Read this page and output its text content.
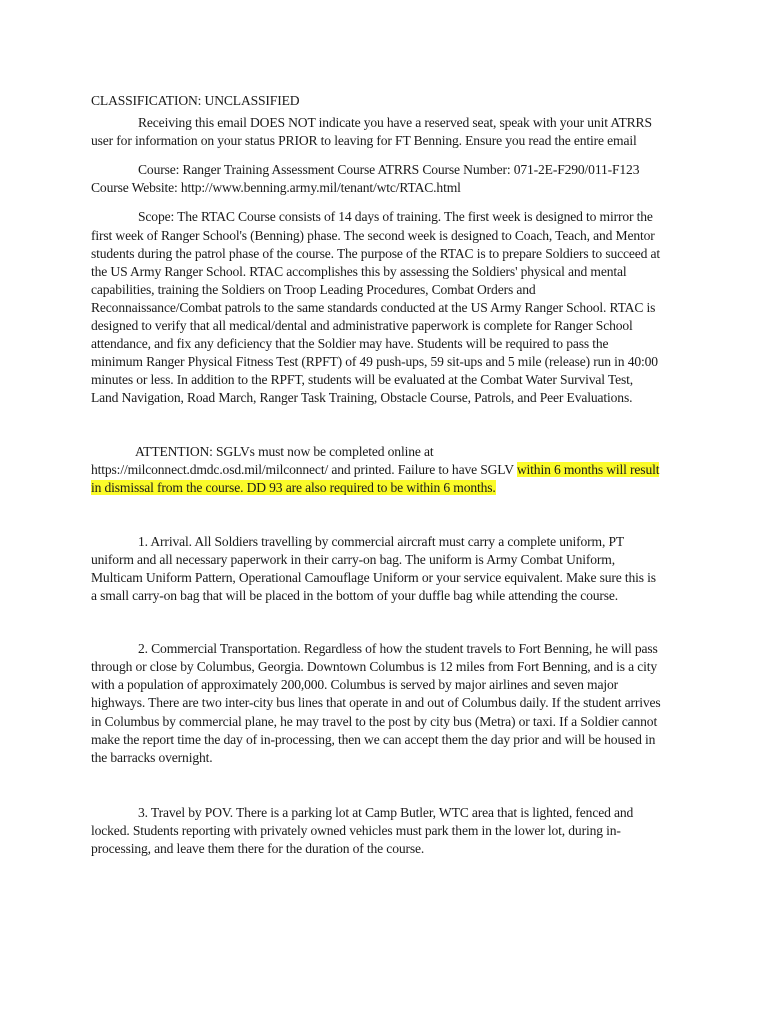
CLASSIFICATION: UNCLASSIFIED

Receiving this email DOES NOT indicate you have a reserved seat, speak with your unit ATRRS user for information on your status PRIOR to leaving for FT Benning. Ensure you read the entire email

Course: Ranger Training Assessment Course ATRRS Course Number: 071-2E-F290/011-F123

Course Website: http://www.benning.army.mil/tenant/wtc/RTAC.html

Scope: The RTAC Course consists of 14 days of training. The first week is designed to mirror the first week of Ranger School's (Benning) phase. The second week is designed to Coach, Teach, and Mentor students during the patrol phase of the course. The purpose of the RTAC is to prepare Soldiers to succeed at the US Army Ranger School. RTAC accomplishes this by assessing the Soldiers' physical and mental capabilities, training the Soldiers on Troop Leading Procedures, Combat Orders and Reconnaissance/Combat patrols to the same standards conducted at the US Army Ranger School. RTAC is designed to verify that all medical/dental and administrative paperwork is complete for Ranger School attendance, and fix any deficiency that the Soldier may have. Students will be required to pass the minimum Ranger Physical Fitness Test (RPFT) of 49 push-ups, 59 sit-ups and 5 mile (release) run in 40:00 minutes or less. In addition to the RPFT, students will be evaluated at the Combat Water Survival Test, Land Navigation, Road March, Ranger Task Training, Obstacle Course, Patrols, and Peer Evaluations.

ATTENTION: SGLVs must now be completed online at https://milconnect.dmdc.osd.mil/milconnect/ and printed. Failure to have SGLV within 6 months will result in dismissal from the course. DD 93 are also required to be within 6 months.

1. Arrival. All Soldiers travelling by commercial aircraft must carry a complete uniform, PT uniform and all necessary paperwork in their carry-on bag. The uniform is Army Combat Uniform, Multicam Uniform Pattern, Operational Camouflage Uniform or your service equivalent. Make sure this is a small carry-on bag that will be placed in the bottom of your duffle bag while attending the course.

2. Commercial Transportation. Regardless of how the student travels to Fort Benning, he will pass through or close by Columbus, Georgia. Downtown Columbus is 12 miles from Fort Benning, and is a city with a population of approximately 200,000. Columbus is served by major airlines and seven major highways. There are two inter-city bus lines that operate in and out of Columbus daily. If the student arrives in Columbus by commercial plane, he may travel to the post by city bus (Metra) or taxi. If a Soldier cannot make the report time the day of in-processing, then we can accept them the day prior and will be housed in the barracks overnight.

3. Travel by POV. There is a parking lot at Camp Butler, WTC area that is lighted, fenced and locked. Students reporting with privately owned vehicles must park them in the lower lot, during in-processing, and leave them there for the duration of the course.
